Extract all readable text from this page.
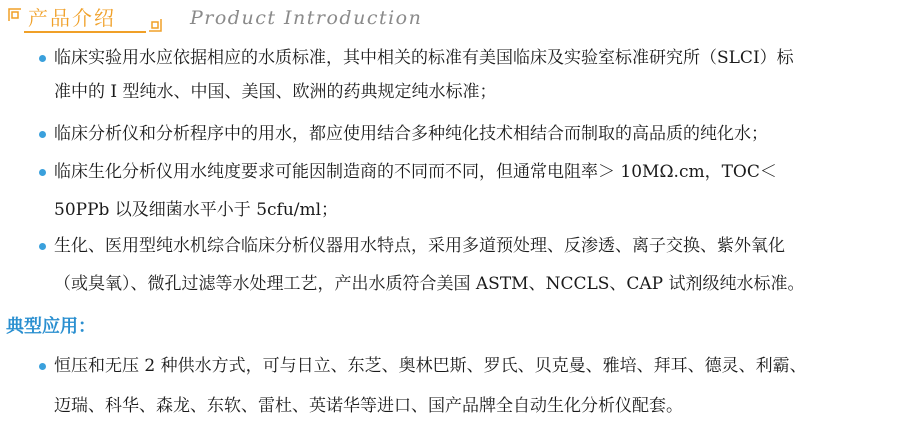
产品介绍	Product Introduction
临床实验用水应依据相应的水质标准，其中相关的标准有美国临床及实验室标准研究所（SLCI）标
准中的 I 型纯水、中国、美国、欧洲的药典规定纯水标准；
临床分析仪和分析程序中的用水，都应使用结合多种纯化技术相结合而制取的高品质的纯化水；
临床生化分析仪用水纯度要求可能因制造商的不同而不同，但通常电阻率＞ 10MΩ.cm，TOC＜
50PPb 以及细菌水平小于 5cfu/ml；
生化、医用型纯水机综合临床分析仪器用水特点，采用多道预处理、反渗透、离子交换、紫外氧化
（或臭氧）、微孔过滤等水处理工艺，产出水质符合美国 ASTM、NCCLS、CAP 试剂级纯水标准。
典型应用：
恒压和无压 2 种供水方式，可与日立、东芝、奥林巴斯、罗氏、贝克曼、雅培、拜耳、德灵、利霸、
迈瑞、科华、森龙、东软、雷杜、英诺华等进口、国产品牌全自动生化分析仪配套。
